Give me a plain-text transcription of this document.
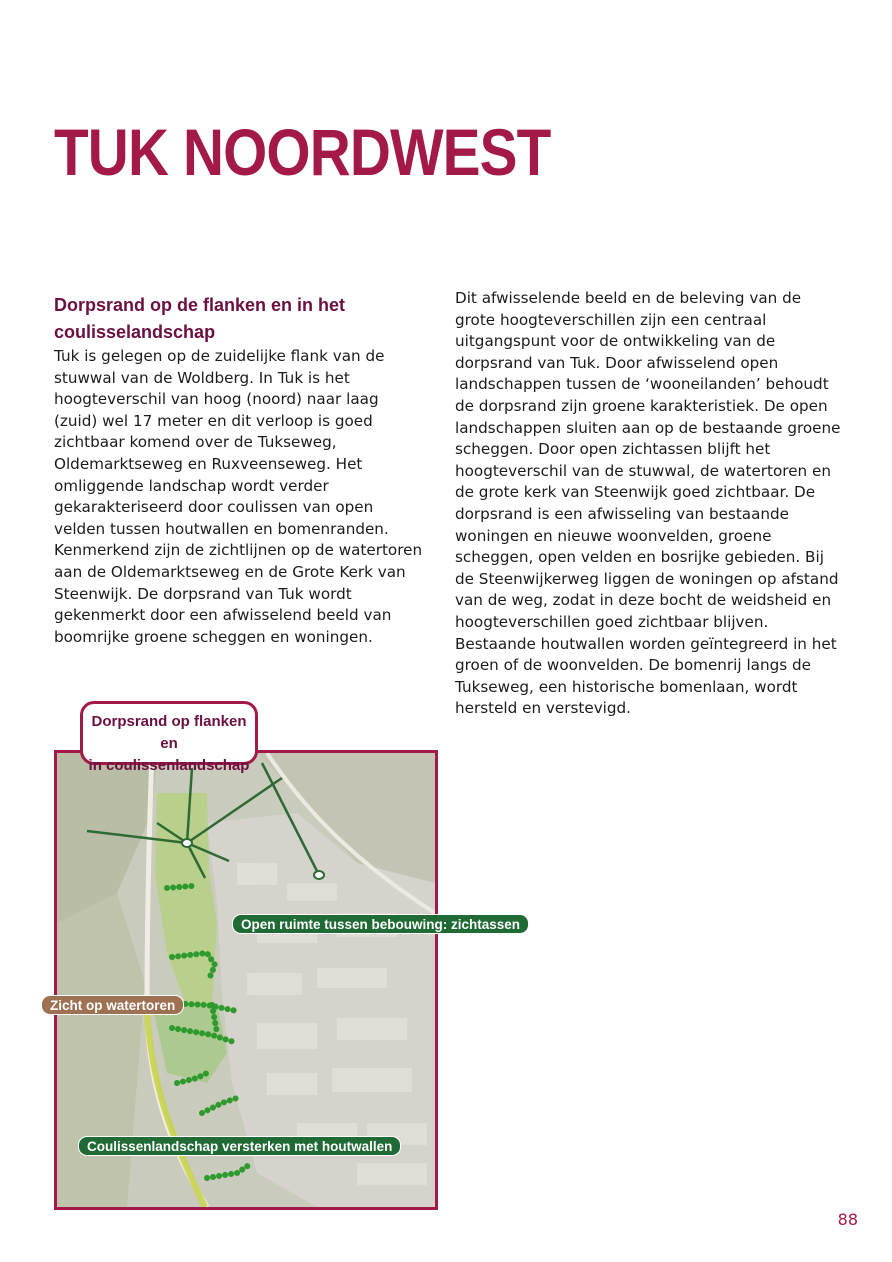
TUK NOORDWEST
Dorpsrand op de flanken en in het
coulisselandschap

Tuk is gelegen op de zuidelijke flank van de stuwwal van de Woldberg. In Tuk is het hoogteverschil van hoog (noord) naar laag (zuid) wel 17 meter en dit verloop is goed zichtbaar komend over de Tukseweg, Oldemarktseweg en Ruxveenseweg. Het omliggende landschap wordt verder gekarakteriseerd door coulissen van open velden tussen houtwallen en bomenranden. Kenmerkend zijn de zichtlijnen op de watertoren aan de Oldemarktseweg en de Grote Kerk van Steenwijk. De dorpsrand van Tuk wordt gekenmerkt door een afwisselend beeld van boomrijke groene scheggen en woningen.

Dit afwisselende beeld en de beleving van de grote hoogteverschillen zijn een centraal uitgangspunt voor de ontwikkeling van de dorpsrand van Tuk. Door afwisselend open landschappen tussen de ‘wooneilanden’ behoudt de dorpsrand zijn groene karakteristiek. De open landschappen sluiten aan op de bestaande groene scheggen. Door open zichtassen blijft het hoogteverschil van de stuwwal, de watertoren en de grote kerk van Steenwijk goed zichtbaar. De dorpsrand is een afwisseling van bestaande woningen en nieuwe woonvelden, groene scheggen, open velden en bosrijke gebieden. Bij de Steenwijkerweg liggen de woningen op afstand van de weg, zodat in deze bocht de weidsheid en hoogteverschillen goed zichtbaar blijven. Bestaande houtwallen worden geïntegreerd in het groen of de woonvelden. De bomenrij langs de Tukseweg, een historische bomenlaan, wordt hersteld en verstevigd.

Dorpsrand op flanken en
in coulissenlandschap
Open ruimte tussen bebouwing: zichtassen
Zicht op watertoren
Coulissenlandschap versterken met houtwallen
88
